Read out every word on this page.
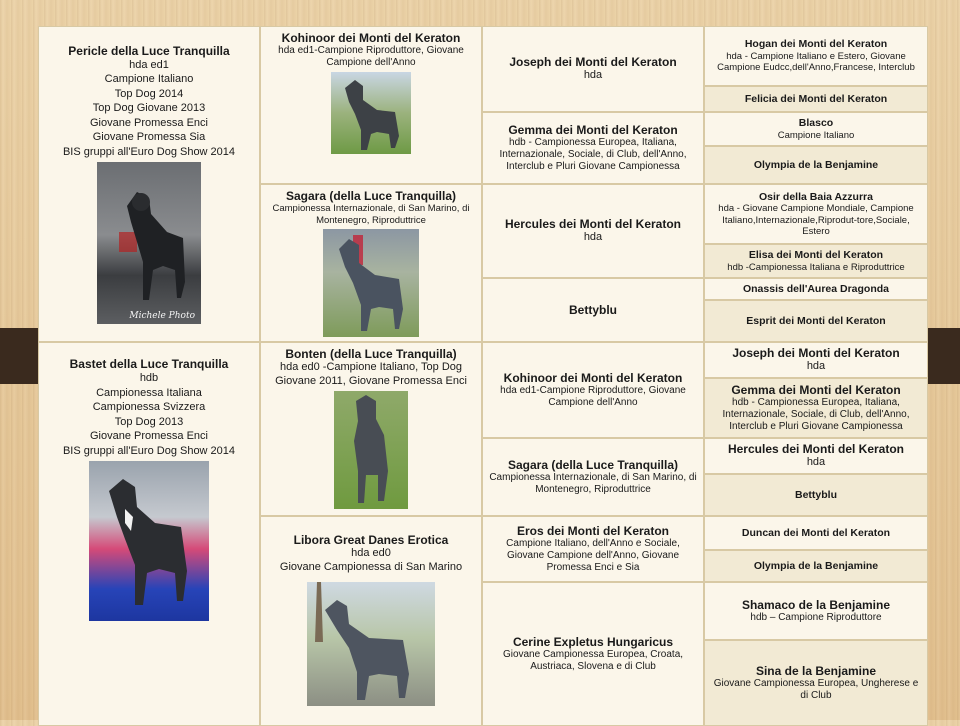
Pericle della Luce Tranquilla
hda ed1
Campione Italiano
Top Dog 2014
Top Dog Giovane 2013
Giovane Promessa Enci
Giovane Promessa Sia
BIS gruppi all'Euro Dog Show 2014
Michele Photo
Bastet della Luce Tranquilla
hdb
Campionessa Italiana
Campionessa Svizzera
Top Dog 2013
Giovane Promessa Enci
BIS gruppi all'Euro Dog Show 2014
Kohinoor dei Monti del Keraton
hda ed1-Campione Riproduttore, Giovane Campione dell'Anno
Sagara (della Luce Tranquilla)
Campionessa Internazionale, di San Marino, di Montenegro, Riproduttrice
Bonten (della Luce Tranquilla)
hda ed0 -Campione Italiano, Top Dog Giovane 2011, Giovane Promessa Enci
Libora Great Danes Erotica
hda ed0
Giovane Campionessa di San Marino
Joseph dei Monti del Keraton
hda
Gemma dei Monti del Keraton
hdb - Campionessa Europea, Italiana, Internazionale, Sociale, di Club, dell'Anno, Interclub e Pluri Giovane Campionessa
Hercules dei Monti del Keraton
hda
Bettyblu
Kohinoor dei Monti del Keraton
hda ed1-Campione Riproduttore, Giovane Campione dell'Anno
Sagara (della Luce Tranquilla)
Campionessa Internazionale, di San Marino, di Montenegro, Riproduttrice
Eros dei Monti del Keraton
Campione Italiano, dell'Anno e Sociale, Giovane Campione dell'Anno, Giovane Promessa Enci e Sia
Cerine Expletus Hungaricus
Giovane Campionessa Europea, Croata, Austriaca, Slovena e di Club
Hogan dei Monti del Keraton
hda - Campione Italiano e Estero, Giovane Campione Eudcc,dell'Anno,Francese, Interclub
Felicia dei Monti del Keraton
Blasco
Campione Italiano
Olympia de la Benjamine
Osir della Baia Azzurra
hda - Giovane Campione Mondiale, Campione Italiano,Internazionale,Riprodut-tore,Sociale, Estero
Elisa dei Monti del Keraton
hdb -Campionessa Italiana e Riproduttrice
Onassis dell'Aurea Dragonda
Esprit dei Monti del Keraton
Joseph dei Monti del Keraton
hda
Gemma dei Monti del Keraton
hdb - Campionessa Europea, Italiana, Internazionale, Sociale, di Club, dell'Anno, Interclub e Pluri Giovane Campionessa
Hercules dei Monti del Keraton
hda
Bettyblu
Duncan dei Monti del Keraton
Olympia de la Benjamine
Shamaco de la Benjamine
hdb – Campione Riproduttore
Sina de la Benjamine
Giovane Campionessa Europea, Ungherese e di Club
